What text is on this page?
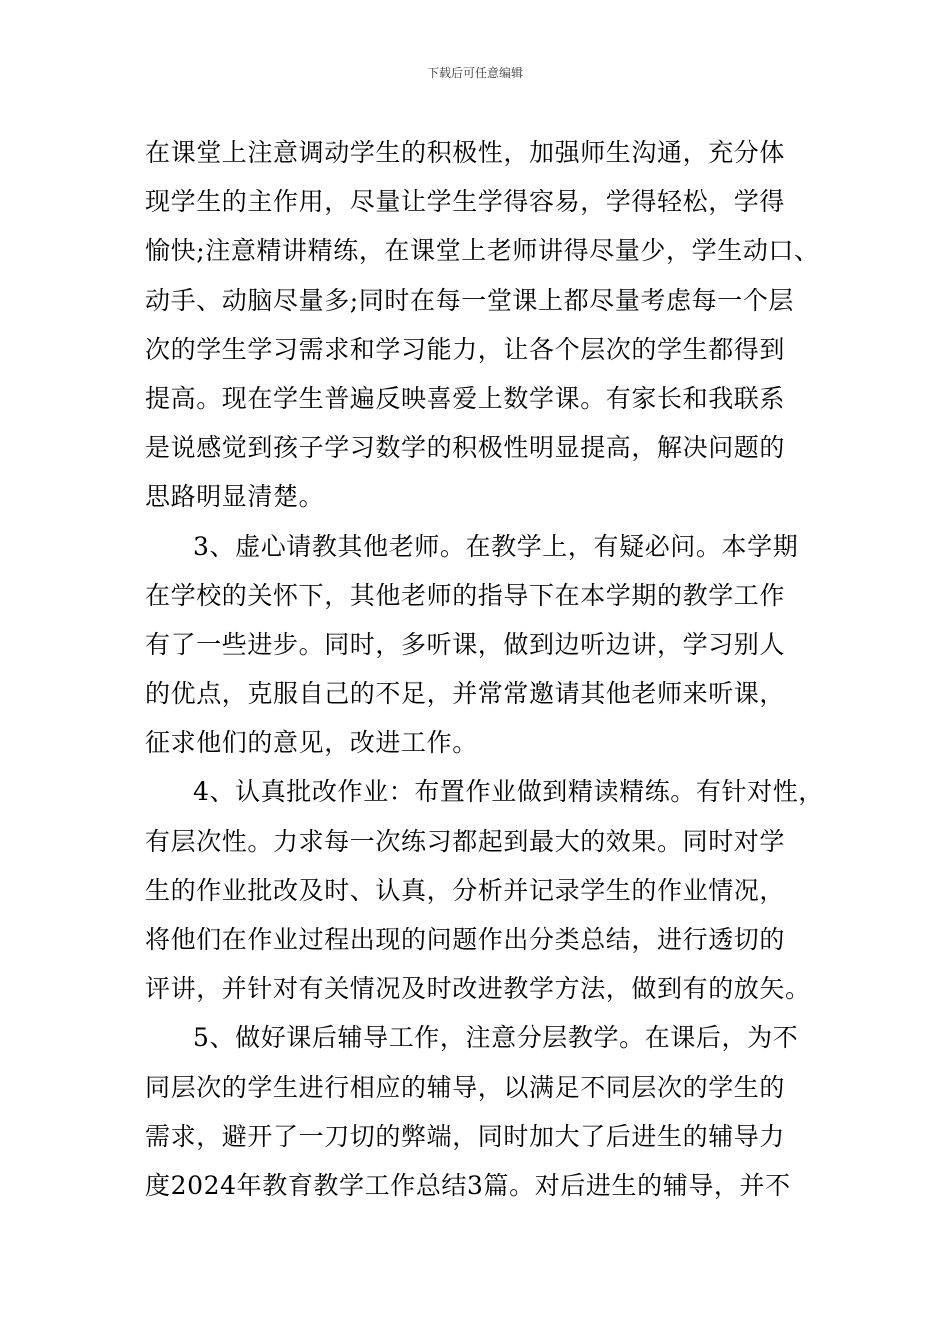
下载后可任意编辑

在课堂上注意调动学生的积极性，加强师生沟通，充分体
现学生的主作用，尽量让学生学得容易，学得轻松，学得
愉快;注意精讲精练，在课堂上老师讲得尽量少，学生动口、
动手、动脑尽量多;同时在每一堂课上都尽量考虑每一个层
次的学生学习需求和学习能力，让各个层次的学生都得到
提高。现在学生普遍反映喜爱上数学课。有家长和我联系
是说感觉到孩子学习数学的积极性明显提高，解决问题的
思路明显清楚。

3、虚心请教其他老师。在教学上，有疑必问。本学期
在学校的关怀下，其他老师的指导下在本学期的教学工作
有了一些进步。同时，多听课，做到边听边讲，学习别人
的优点，克服自己的不足，并常常邀请其他老师来听课，
征求他们的意见，改进工作。

4、认真批改作业：布置作业做到精读精练。有针对性，
有层次性。力求每一次练习都起到最大的效果。同时对学
生的作业批改及时、认真，分析并记录学生的作业情况，
将他们在作业过程出现的问题作出分类总结，进行透切的
评讲，并针对有关情况及时改进教学方法，做到有的放矢。

5、做好课后辅导工作，注意分层教学。在课后，为不
同层次的学生进行相应的辅导，以满足不同层次的学生的
需求，避开了一刀切的弊端，同时加大了后进生的辅导力
度2024年教育教学工作总结3篇。对后进生的辅导，并不
